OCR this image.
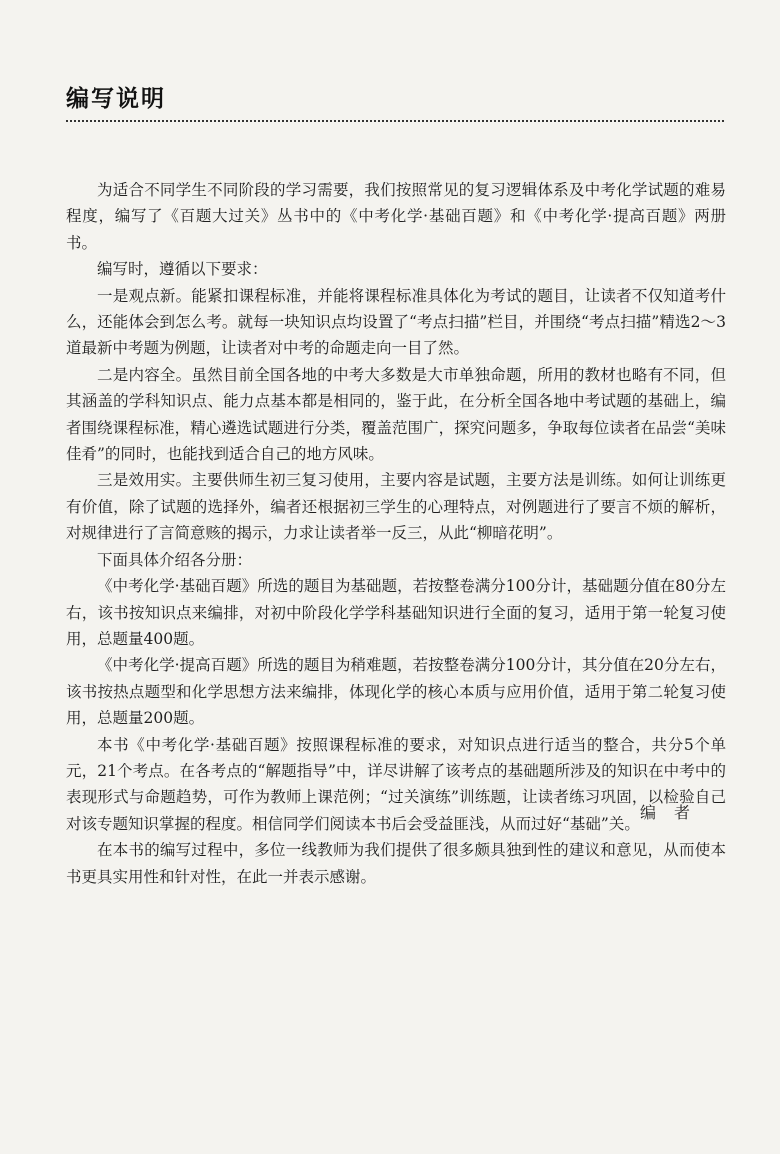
编写说明

为适合不同学生不同阶段的学习需要，我们按照常见的复习逻辑体系及中考化学试题的难易程度，编写了《百题大过关》丛书中的《中考化学·基础百题》和《中考化学·提高百题》两册书。

编写时，遵循以下要求：

一是观点新。能紧扣课程标准，并能将课程标准具体化为考试的题目，让读者不仅知道考什么，还能体会到怎么考。就每一块知识点均设置了“考点扫描”栏目，并围绕“考点扫描”精选2～3道最新中考题为例题，让读者对中考的命题走向一目了然。

二是内容全。虽然目前全国各地的中考大多数是大市单独命题，所用的教材也略有不同，但其涵盖的学科知识点、能力点基本都是相同的，鉴于此，在分析全国各地中考试题的基础上，编者围绕课程标准，精心遴选试题进行分类，覆盖范围广，探究问题多，争取每位读者在品尝“美味佳肴”的同时，也能找到适合自己的地方风味。

三是效用实。主要供师生初三复习使用，主要内容是试题，主要方法是训练。如何让训练更有价值，除了试题的选择外，编者还根据初三学生的心理特点，对例题进行了要言不烦的解析，对规律进行了言简意赅的揭示，力求让读者举一反三，从此“柳暗花明”。

下面具体介绍各分册：

《中考化学·基础百题》所选的题目为基础题，若按整卷满分100分计，基础题分值在80分左右，该书按知识点来编排，对初中阶段化学学科基础知识进行全面的复习，适用于第一轮复习使用，总题量400题。

《中考化学·提高百题》所选的题目为稍难题，若按整卷满分100分计，其分值在20分左右，该书按热点题型和化学思想方法来编排，体现化学的核心本质与应用价值，适用于第二轮复习使用，总题量200题。

本书《中考化学·基础百题》按照课程标准的要求，对知识点进行适当的整合，共分5个单元，21个考点。在各考点的“解题指导”中，详尽讲解了该考点的基础题所涉及的知识在中考中的表现形式与命题趋势，可作为教师上课范例；“过关演练”训练题，让读者练习巩固，以检验自己对该专题知识掌握的程度。相信同学们阅读本书后会受益匪浅，从而过好“基础”关。

在本书的编写过程中，多位一线教师为我们提供了很多颇具独到性的建议和意见，从而使本书更具实用性和针对性，在此一并表示感谢。

编者
